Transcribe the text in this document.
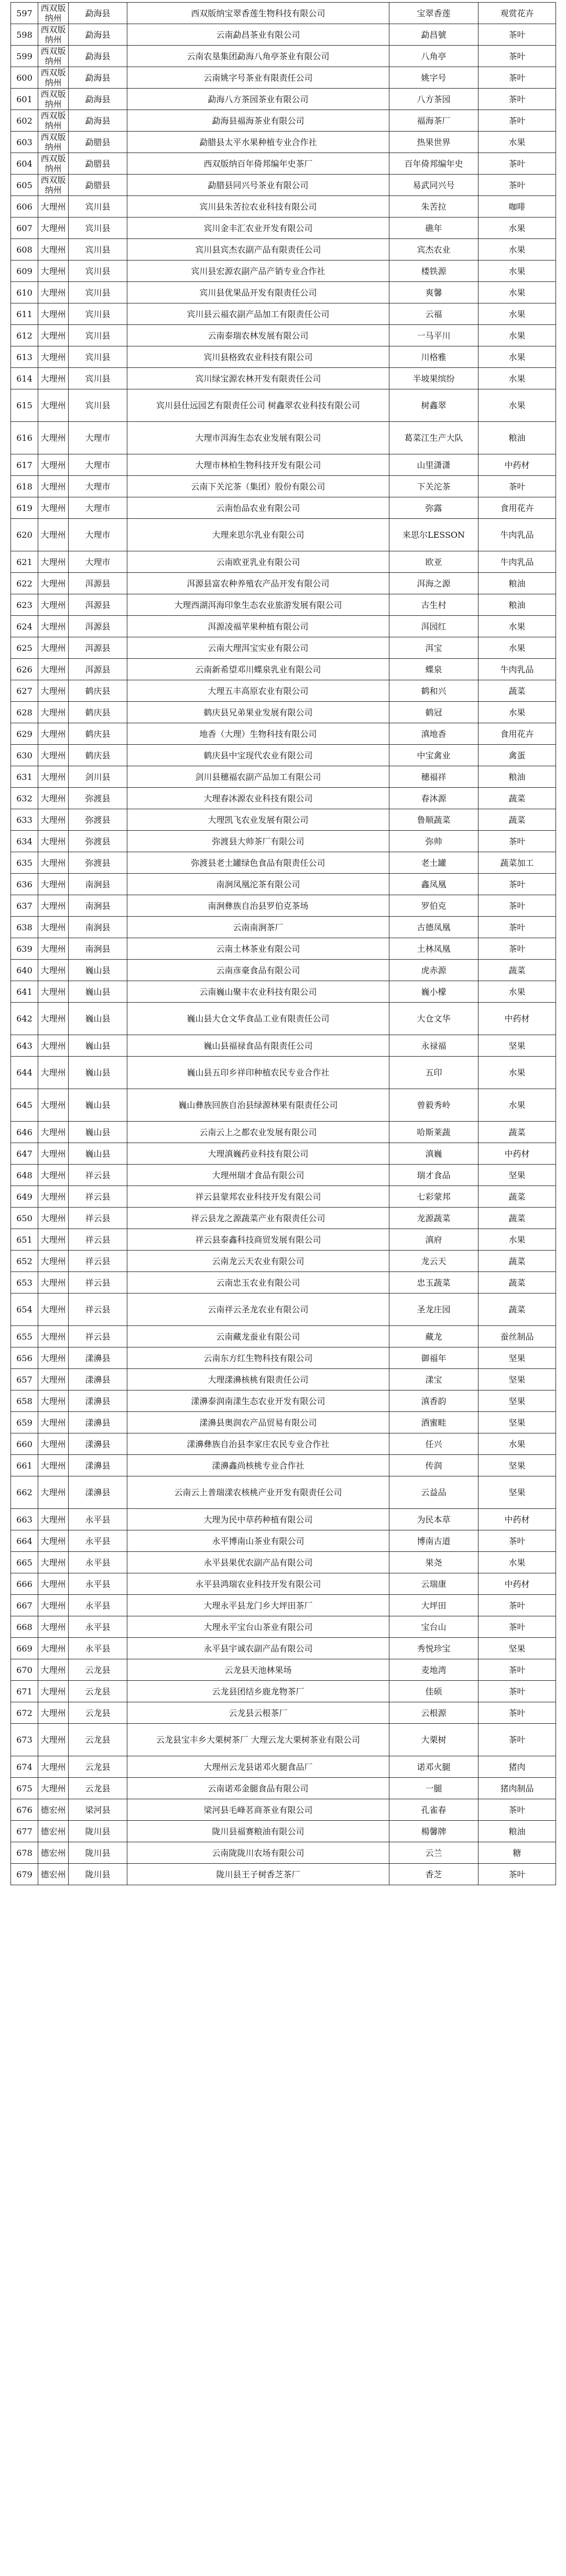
597	西双版纳州	勐海县	西双版纳宝翠香莲生物科技有限公司	宝翠香莲	观赏花卉
598	西双版纳州	勐海县	云南勐昌茶业有限公司	勐昌號	茶叶
599	西双版纳州	勐海县	云南农垦集团勐海八角亭茶业有限公司	八角亭	茶叶
600	西双版纳州	勐海县	云南姚字号茶业有限责任公司	姚字号	茶叶
601	西双版纳州	勐海县	勐海八方茶园茶业有限公司	八方茶园	茶叶
602	西双版纳州	勐海县	勐海县福海茶业有限公司	福海茶厂	茶叶
603	西双版纳州	勐腊县	勐腊县太平水果种植专业合作社	热果世界	水果
604	西双版纳州	勐腊县	西双版纳百年倚邦编年史茶厂	百年倚邦编年史	茶叶
605	西双版纳州	勐腊县	勐腊县同兴号茶业有限公司	易武同兴号	茶叶
606	大理州	宾川县	宾川县朱苦拉农业科技有限公司	朱苦拉	咖啡
607	大理州	宾川县	宾川金丰汇农业开发有限公司	礁年	水果
608	大理州	宾川县	宾川县宾杰农副产品有限责任公司	宾杰农业	水果
609	大理州	宾川县	宾川县宏源农副产品产销专业合作社	楼铁源	水果
610	大理州	宾川县	宾川县优果品开发有限责任公司	爽馨	水果
611	大理州	宾川县	宾川县云福农副产品加工有限责任公司	云福	水果
612	大理州	宾川县	云南泰瑞农林发展有限公司	一马平川	水果
613	大理州	宾川县	宾川县格致农业科技有限公司	川格雅	水果
614	大理州	宾川县	宾川绿宝源农林开发有限责任公司	半坡果缤纷	水果
615	大理州	宾川县	宾川县仕远园艺有限责任公司 树鑫翠农业科技有限公司	树鑫翠	水果
616	大理州	大理市	大理市洱海生态农业发展有限公司	葛菜江生产大队	粮油
617	大理州	大理市	大理市林柏生物科技开发有限公司	山里潇潇	中药材
618	大理州	大理市	云南下关沱茶（集团）股份有限公司	下关沱茶	茶叶
619	大理州	大理市	云南怡品农业有限公司	弥露	食用花卉
620	大理州	大理市	大理来思尔乳业有限公司	来思尔LESSON	牛肉乳品
621	大理州	大理市	云南欧亚乳业有限公司	欧亚	牛肉乳品
622	大理州	洱源县	洱源县富农种养殖农产品开发有限公司	洱海之源	粮油
623	大理州	洱源县	大理西湖洱海印象生态农业旅游发展有限公司	古生村	粮油
624	大理州	洱源县	洱源凌福苹果种植有限公司	洱园红	水果
625	大理州	洱源县	云南大理洱宝实业有限公司	洱宝	水果
626	大理州	洱源县	云南新希望邓川蝶泉乳业有限公司	蝶泉	牛肉乳品
627	大理州	鹤庆县	大理五丰高原农业有限公司	鹤和兴	蔬菜
628	大理州	鹤庆县	鹤庆县兄弟果业发展有限公司	鹤冠	水果
629	大理州	鹤庆县	地香（大理）生物科技有限公司	滇地香	食用花卉
630	大理州	鹤庆县	鹤庆县中宝现代农业有限公司	中宝禽业	禽蛋
631	大理州	剑川县	剑川县穗福农副产品加工有限公司	穗福祥	粮油
632	大理州	弥渡县	大理春沐源农业科技有限公司	春沐源	蔬菜
633	大理州	弥渡县	大理凯飞农业发展有限公司	鲁顺蔬菜	蔬菜
634	大理州	弥渡县	弥渡县大帅茶厂有限公司	弥帅	茶叶
635	大理州	弥渡县	弥渡县老土罐绿色食品有限责任公司	老土罐	蔬菜加工
636	大理州	南涧县	南涧凤凰沱茶有限公司	鑫凤凰	茶叶
637	大理州	南涧县	南涧彝族自治县罗伯克茶场	罗伯克	茶叶
638	大理州	南涧县	云南南涧茶厂	古德凤凰	茶叶
639	大理州	南涧县	云南土林茶业有限公司	土林凤凰	茶叶
640	大理州	巍山县	云南彦豪食品有限公司	虎赤源	蔬菜
641	大理州	巍山县	云南巍山聚丰农业科技有限公司	巍小檬	水果
642	大理州	巍山县	巍山县大仓文华食品工业有限责任公司	大仓文华	中药材
643	大理州	巍山县	巍山县福禄食品有限责任公司	永禄福	坚果
644	大理州	巍山县	巍山县五印乡祥印种植农民专业合作社	五印	水果
645	大理州	巍山县	巍山彝族回族自治县绿源林果有限责任公司	曾毅秀岭	水果
646	大理州	巍山县	云南云上之都农业发展有限公司	哈斯莱蔬	蔬菜
647	大理州	巍山县	大理滇巍药业科技有限公司	滇巍	中药材
648	大理州	祥云县	大理州瑞才食品有限公司	瑞才食品	坚果
649	大理州	祥云县	祥云县蒙邦农业科技开发有限公司	七彩蒙邦	蔬菜
650	大理州	祥云县	祥云县龙之源蔬菜产业有限责任公司	龙源蔬菜	蔬菜
651	大理州	祥云县	祥云县泰鑫科技商贸发展有限公司	滇府	水果
652	大理州	祥云县	云南龙云天农业有限公司	龙云天	蔬菜
653	大理州	祥云县	云南忠玉农业有限公司	忠玉蔬菜	蔬菜
654	大理州	祥云县	云南祥云圣龙农业有限公司	圣龙庄园	蔬菜
655	大理州	祥云县	云南藏龙蚕业有限公司	藏龙	蚕丝制品
656	大理州	漾濞县	云南东方红生物科技有限公司	御福年	坚果
657	大理州	漾濞县	大理漾濞核桃有限责任公司	漾宝	坚果
658	大理州	漾濞县	漾濞泰润南漾生态农业开发有限公司	滇香韵	坚果
659	大理州	漾濞县	漾濞县奥润农产品贸易有限公司	酒蜜畦	坚果
660	大理州	漾濞县	漾濞彝族自治县李家庄农民专业合作社	任兴	水果
661	大理州	漾濞县	漾濞鑫尚核桃专业合作社	传润	坚果
662	大理州	漾濞县	云南云上普瑞漾农核桃产业开发有限责任公司	云益品	坚果
663	大理州	永平县	大理为民中草药种植有限公司	为民本草	中药材
664	大理州	永平县	永平博南山茶业有限公司	博南古道	茶叶
665	大理州	永平县	永平县果优农副产品有限公司	果尧	水果
666	大理州	永平县	永平县鸿瑞农业科技开发有限公司	云瑞康	中药材
667	大理州	永平县	大理永平县龙门乡大坪田茶厂	大坪田	茶叶
668	大理州	永平县	大理永平宝台山茶业有限公司	宝台山	茶叶
669	大理州	永平县	永平县宇诚农副产品有限公司	秀悦珍宝	坚果
670	大理州	云龙县	云龙县天池林果场	麦地湾	茶叶
671	大理州	云龙县	云龙县团结乡鹿龙物茶厂	佳硕	茶叶
672	大理州	云龙县	云龙县云根茶厂	云根源	茶叶
673	大理州	云龙县	云龙县宝丰乡大栗树茶厂 大理云龙大栗树茶业有限公司	大栗树	茶叶
674	大理州	云龙县	大理州云龙县诺邓火腿食品厂	诺邓火腿	猪肉
675	大理州	云龙县	云南诺邓金腿食品有限公司	一腿	猪肉制品
676	德宏州	梁河县	梁河县毛峰茗商茶业有限公司	孔雀春	茶叶
677	德宏州	陇川县	陇川县福赛粮油有限公司	楊馨牌	粮油
678	德宏州	陇川县	云南陇陇川农场有限公司	云兰	糖
679	德宏州	陇川县	陇川县王子树香芝茶厂	香芝	茶叶
